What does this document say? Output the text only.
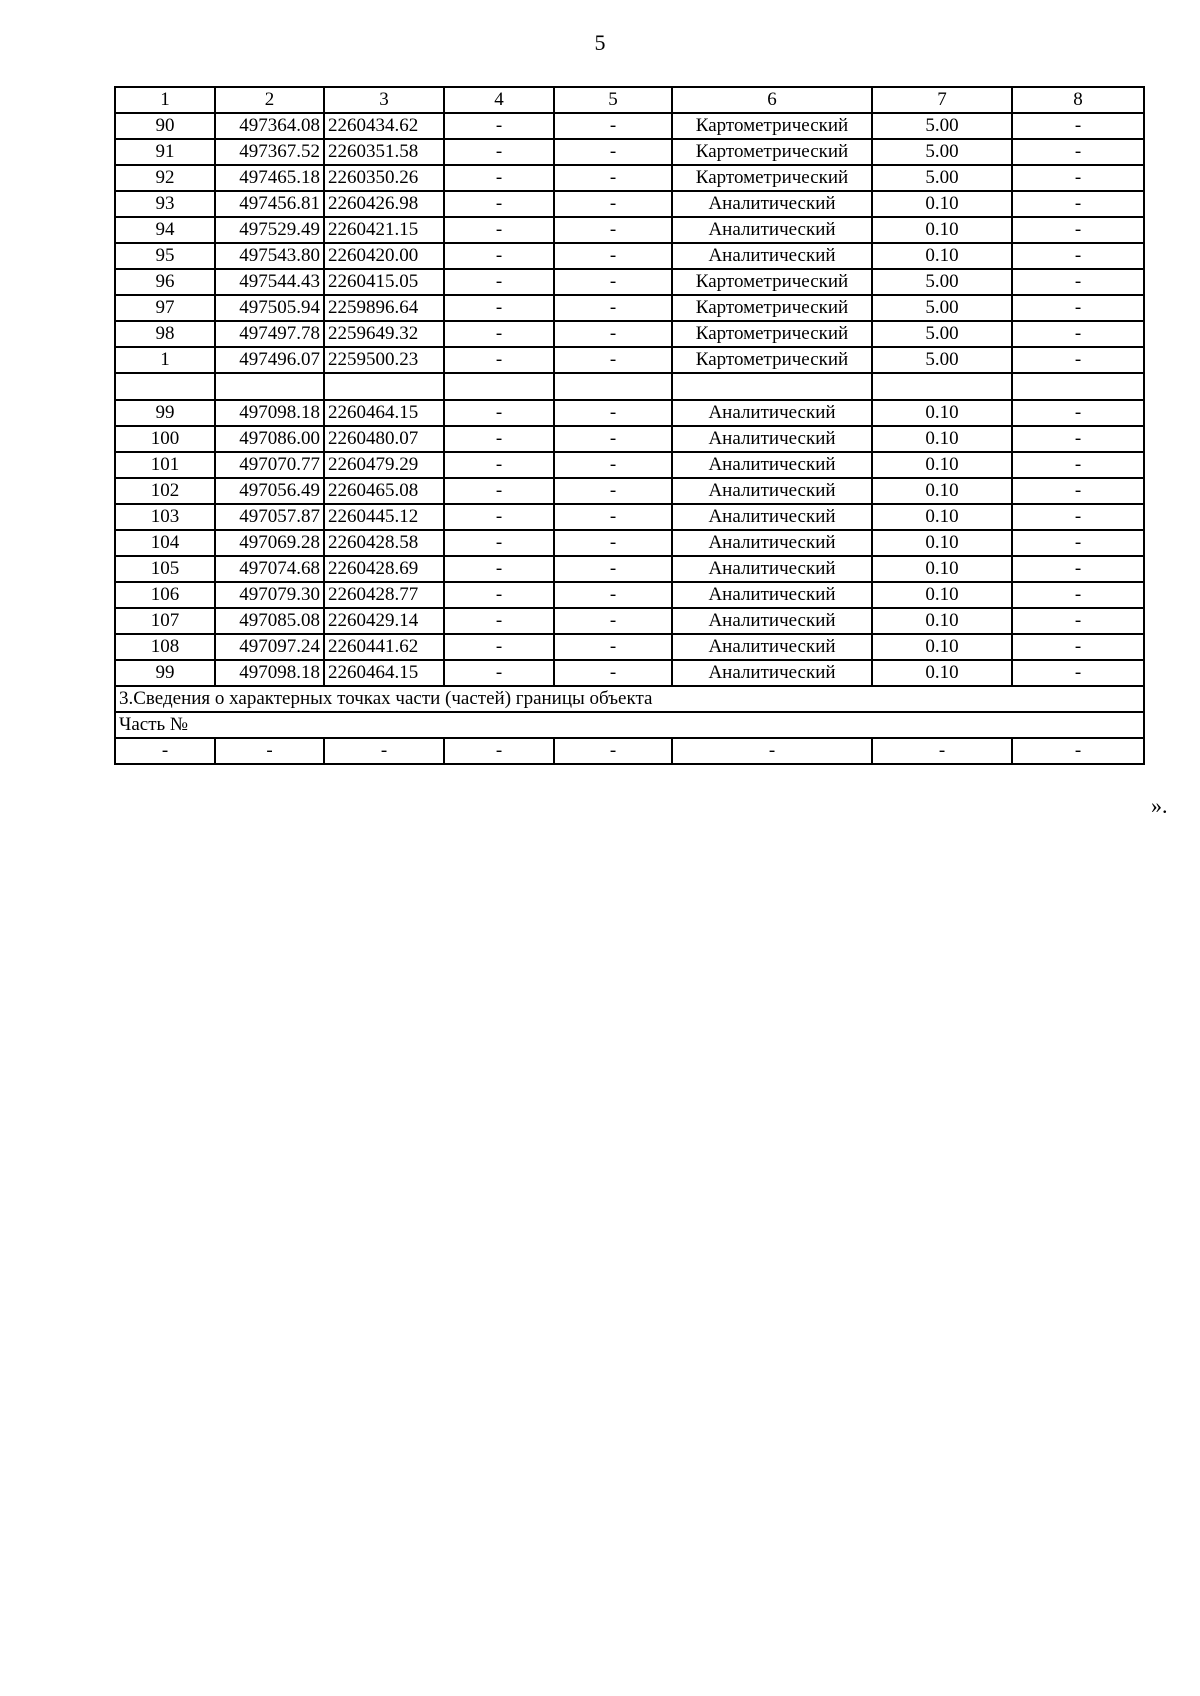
5
1	2	3	4	5	6	7	8
90	497364.08	2260434.62	-	-	Картометрический	5.00	-
91	497367.52	2260351.58	-	-	Картометрический	5.00	-
92	497465.18	2260350.26	-	-	Картометрический	5.00	-
93	497456.81	2260426.98	-	-	Аналитический	0.10	-
94	497529.49	2260421.15	-	-	Аналитический	0.10	-
95	497543.80	2260420.00	-	-	Аналитический	0.10	-
96	497544.43	2260415.05	-	-	Картометрический	5.00	-
97	497505.94	2259896.64	-	-	Картометрический	5.00	-
98	497497.78	2259649.32	-	-	Картометрический	5.00	-
1	497496.07	2259500.23	-	-	Картометрический	5.00	-

99	497098.18	2260464.15	-	-	Аналитический	0.10	-
100	497086.00	2260480.07	-	-	Аналитический	0.10	-
101	497070.77	2260479.29	-	-	Аналитический	0.10	-
102	497056.49	2260465.08	-	-	Аналитический	0.10	-
103	497057.87	2260445.12	-	-	Аналитический	0.10	-
104	497069.28	2260428.58	-	-	Аналитический	0.10	-
105	497074.68	2260428.69	-	-	Аналитический	0.10	-
106	497079.30	2260428.77	-	-	Аналитический	0.10	-
107	497085.08	2260429.14	-	-	Аналитический	0.10	-
108	497097.24	2260441.62	-	-	Аналитический	0.10	-
99	497098.18	2260464.15	-	-	Аналитический	0.10	-
3.Сведения о характерных точках части (частей) границы объекта							
Часть №							
-	-	-	-	-	-	-	-
».
